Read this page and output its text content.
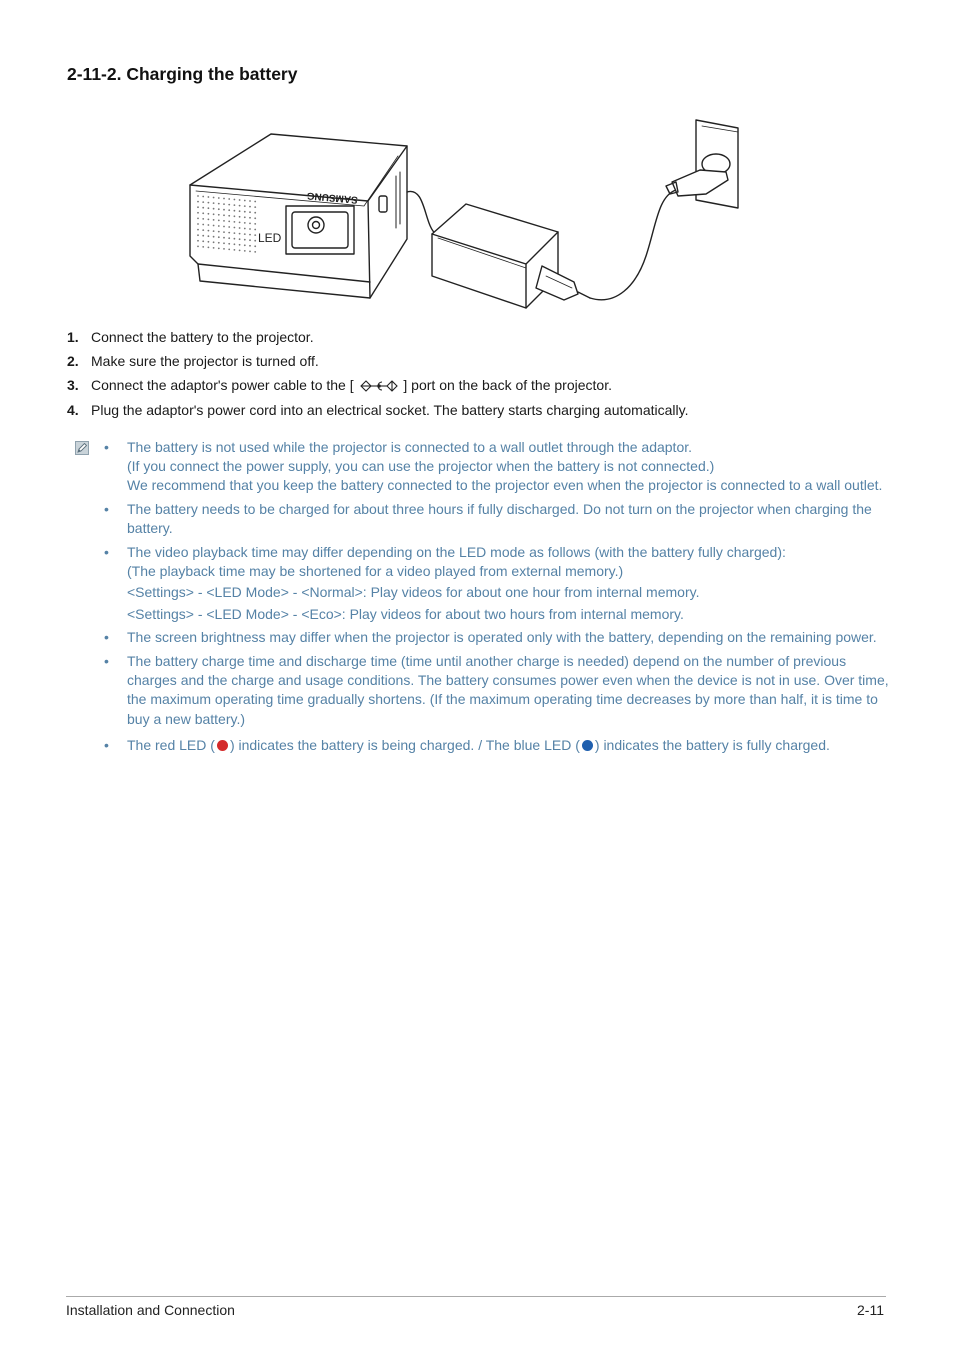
2-11-2. Charging the battery
LED
SAMSUNG
1. Connect the battery to the projector.
2. Make sure the projector is turned off.
3. Connect the adaptor's power cable to the [	] port on the back of the projector.
4. Plug the adaptor's power cord into an electrical socket. The battery starts charging automatically.
• The battery is not used while the projector is connected to a wall outlet through the adaptor.

(If you connect the power supply, you can use the projector when the battery is not connected.)

We recommend that you keep the battery connected to the projector even when the projector is connected to a wall outlet.

• The battery needs to be charged for about three hours if fully discharged. Do not turn on the projector when charging the battery.

• The video playback time may differ depending on the LED mode as follows (with the battery fully charged):

(The playback time may be shortened for a video played from external memory.)

<Settings> - <LED Mode> - <Normal>: Play videos for about one hour from internal memory.

<Settings> - <LED Mode> - <Eco>: Play videos for about two hours from internal memory.

• The screen brightness may differ when the projector is operated only with the battery, depending on the remaining power.

• The battery charge time and discharge time (time until another charge is needed) depend on the number of previous charges and the charge and usage conditions. The battery consumes power even when the device is not in use. Over time, the maximum operating time gradually shortens. (If the maximum operating time decreases by more than half, it is time to buy a new battery.)

• The red LED ( ) indicates the battery is being charged. / The blue LED ( ) indicates the battery is fully charged.

Installation and Connection	2-11
